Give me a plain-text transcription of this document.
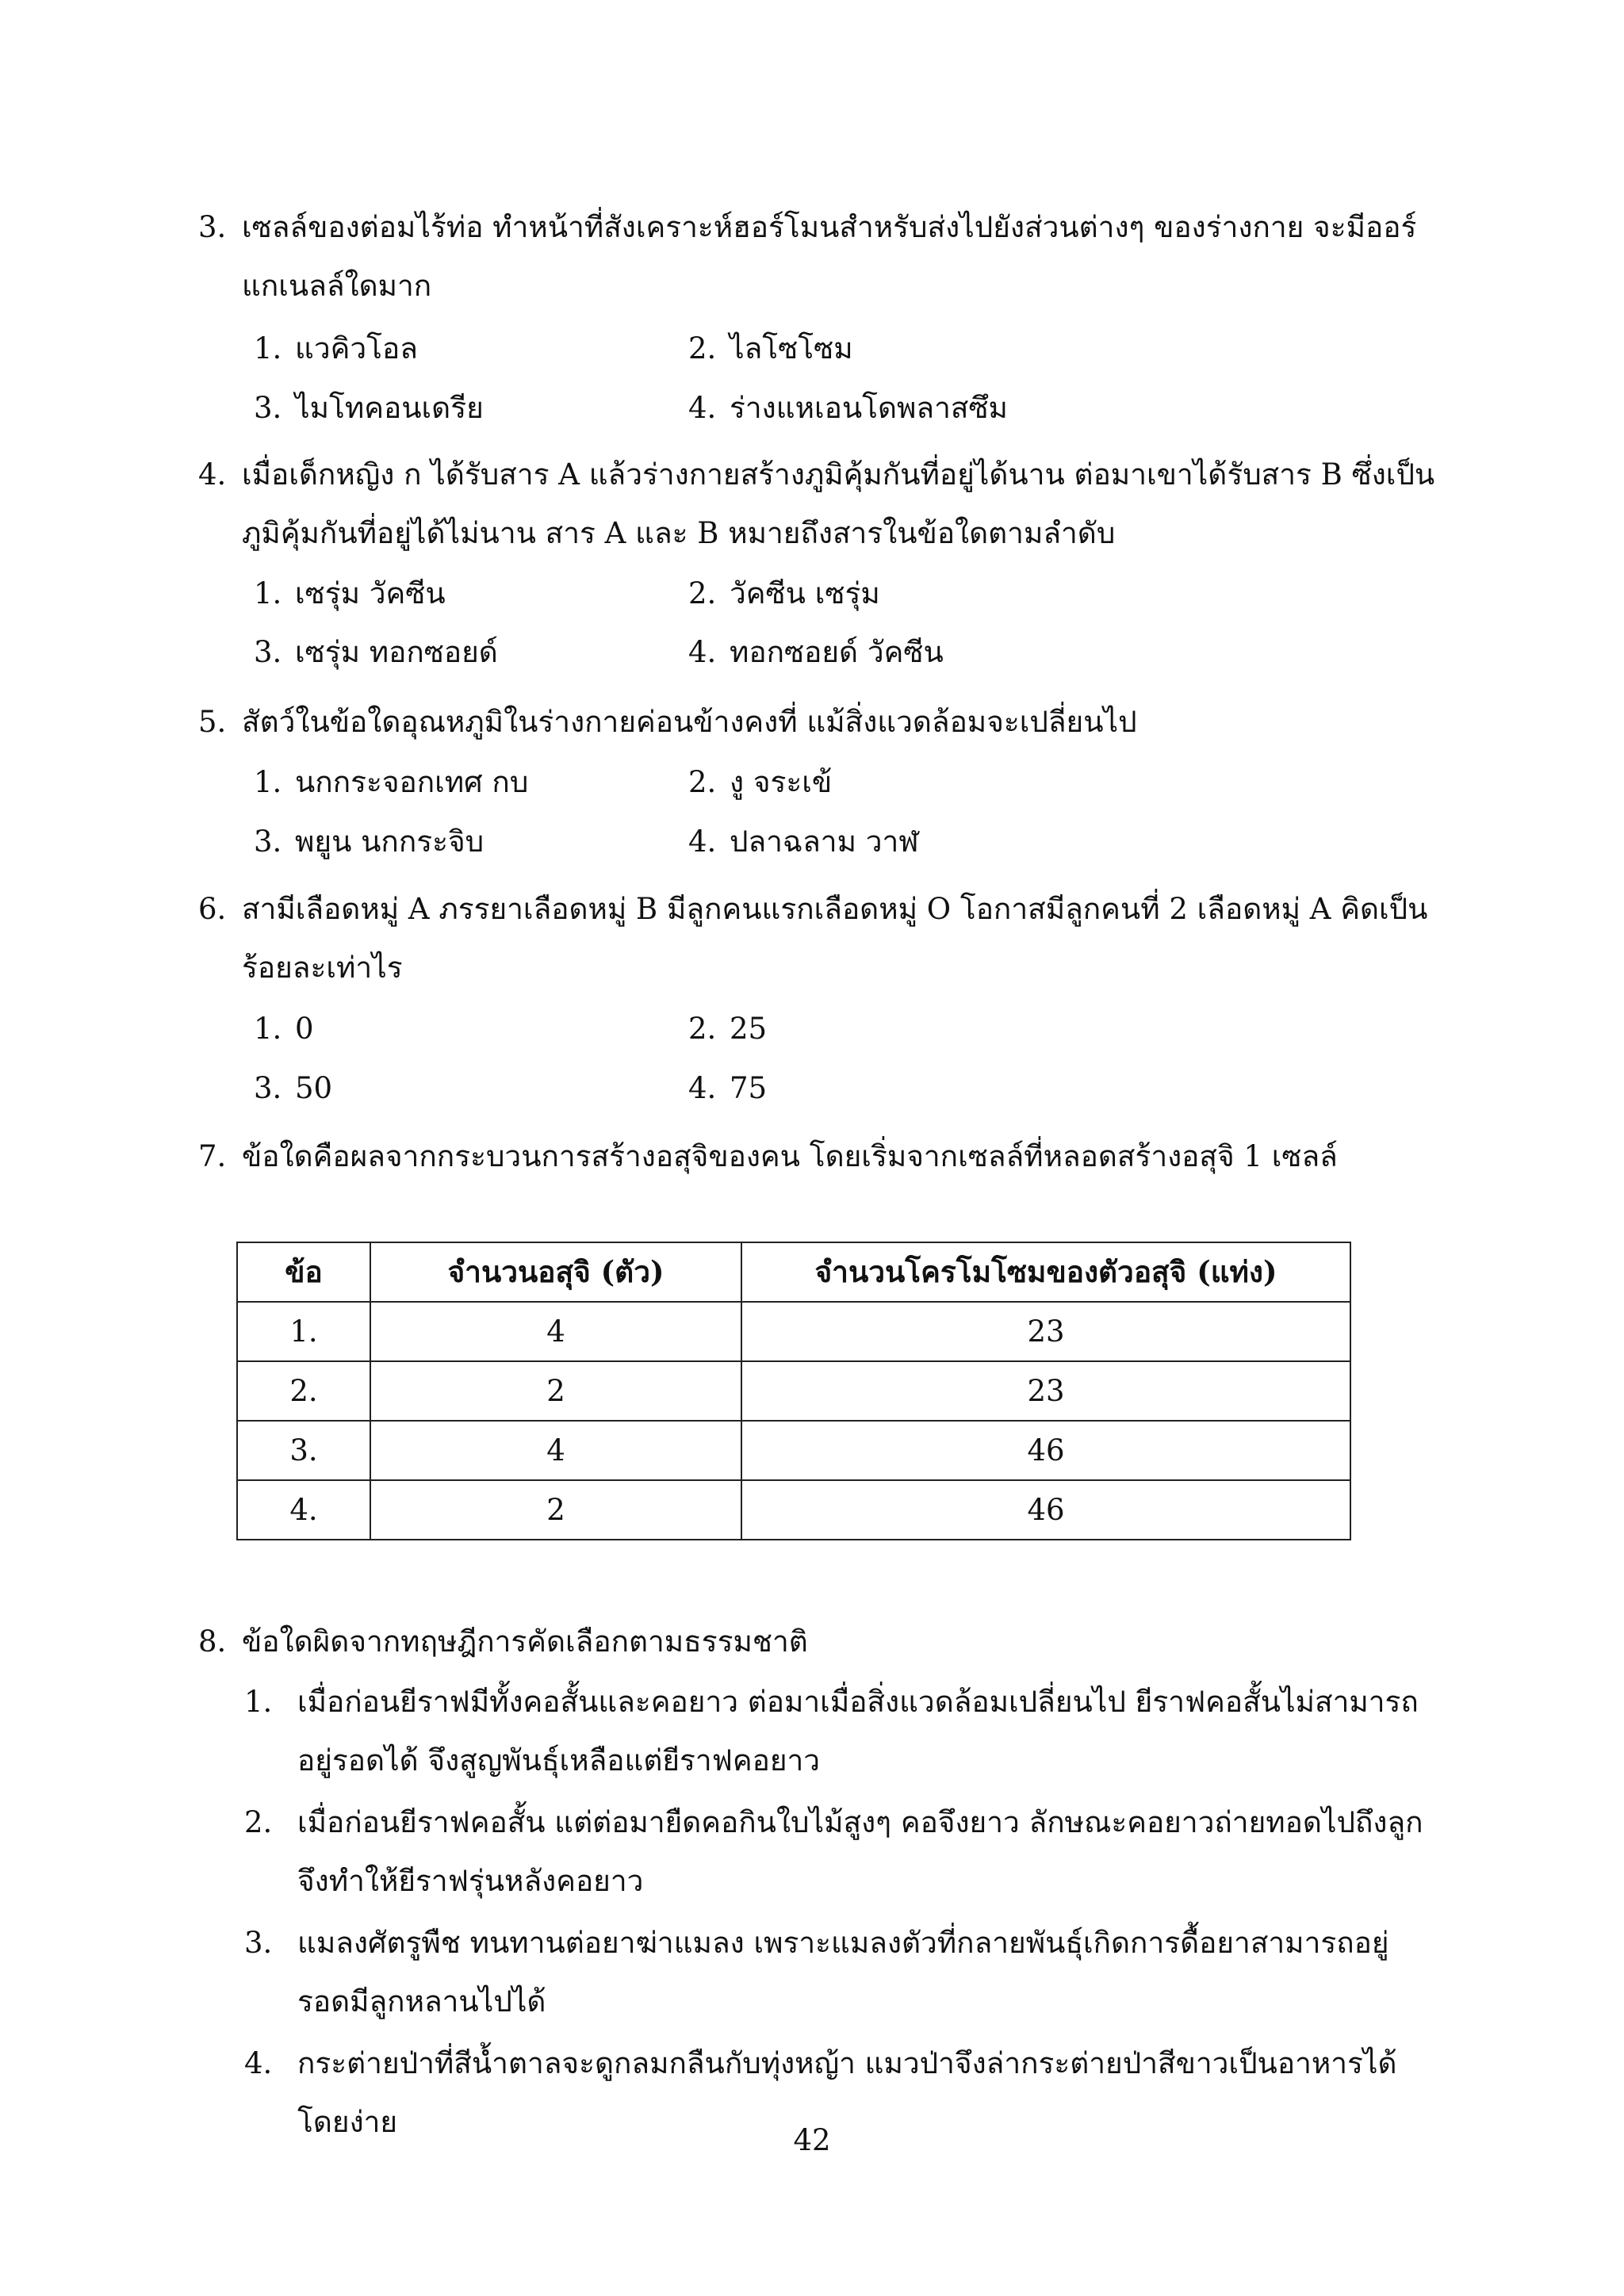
3. เซลล์ของต่อมไร้ท่อ ทำหน้าที่สังเคราะห์ฮอร์โมนสำหรับส่งไปยังส่วนต่างๆ ของร่างกาย จะมีออร์แกเนลล์ใดมาก
1. แวคิวโอล	2. ไลโซโซม
3. ไมโทคอนเดรีย	4. ร่างแหเอนโดพลาสซึม
4. เมื่อเด็กหญิง ก ได้รับสาร A แล้วร่างกายสร้างภูมิคุ้มกันที่อยู่ได้นาน ต่อมาเขาได้รับสาร B ซึ่งเป็นภูมิคุ้มกันที่อยู่ได้ไม่นาน สาร A และ B หมายถึงสารในข้อใดตามลำดับ
1. เซรุ่ม วัคซีน	2. วัคซีน เซรุ่ม
3. เซรุ่ม ทอกซอยด์	4. ทอกซอยด์ วัคซีน
5. สัตว์ในข้อใดอุณหภูมิในร่างกายค่อนข้างคงที่ แม้สิ่งแวดล้อมจะเปลี่ยนไป
1. นกกระจอกเทศ กบ	2. งู จระเข้
3. พยูน นกกระจิบ	4. ปลาฉลาม วาฬ
6. สามีเลือดหมู่ A ภรรยาเลือดหมู่ B มีลูกคนแรกเลือดหมู่ O โอกาสมีลูกคนที่ 2 เลือดหมู่ A คิดเป็นร้อยละเท่าไร
1. 0	2. 25
3. 50	4. 75
7. ข้อใดคือผลจากกระบวนการสร้างอสุจิของคน โดยเริ่มจากเซลล์ที่หลอดสร้างอสุจิ 1 เซลล์
ข้อ	จำนวนอสุจิ (ตัว)	จำนวนโครโมโซมของตัวอสุจิ (แท่ง)
1.	4	23
2.	2	23
3.	4	46
4.	2	46
8. ข้อใดผิดจากทฤษฎีการคัดเลือกตามธรรมชาติ
1. เมื่อก่อนยีราฟมีทั้งคอสั้นและคอยาว ต่อมาเมื่อสิ่งแวดล้อมเปลี่ยนไป ยีราฟคอสั้นไม่สามารถอยู่รอดได้ จึงสูญพันธุ์เหลือแต่ยีราฟคอยาว
2. เมื่อก่อนยีราฟคอสั้น แต่ต่อมายืดคอกินใบไม้สูงๆ คอจึงยาว ลักษณะคอยาวถ่ายทอดไปถึงลูกจึงทำให้ยีราฟรุ่นหลังคอยาว
3. แมลงศัตรูพืช ทนทานต่อยาฆ่าแมลง เพราะแมลงตัวที่กลายพันธุ์เกิดการดื้อยาสามารถอยู่รอดมีลูกหลานไปได้
4. กระต่ายป่าที่สีน้ำตาลจะดูกลมกลืนกับทุ่งหญ้า แมวป่าจึงล่ากระต่ายป่าสีขาวเป็นอาหารได้โดยง่าย
42
